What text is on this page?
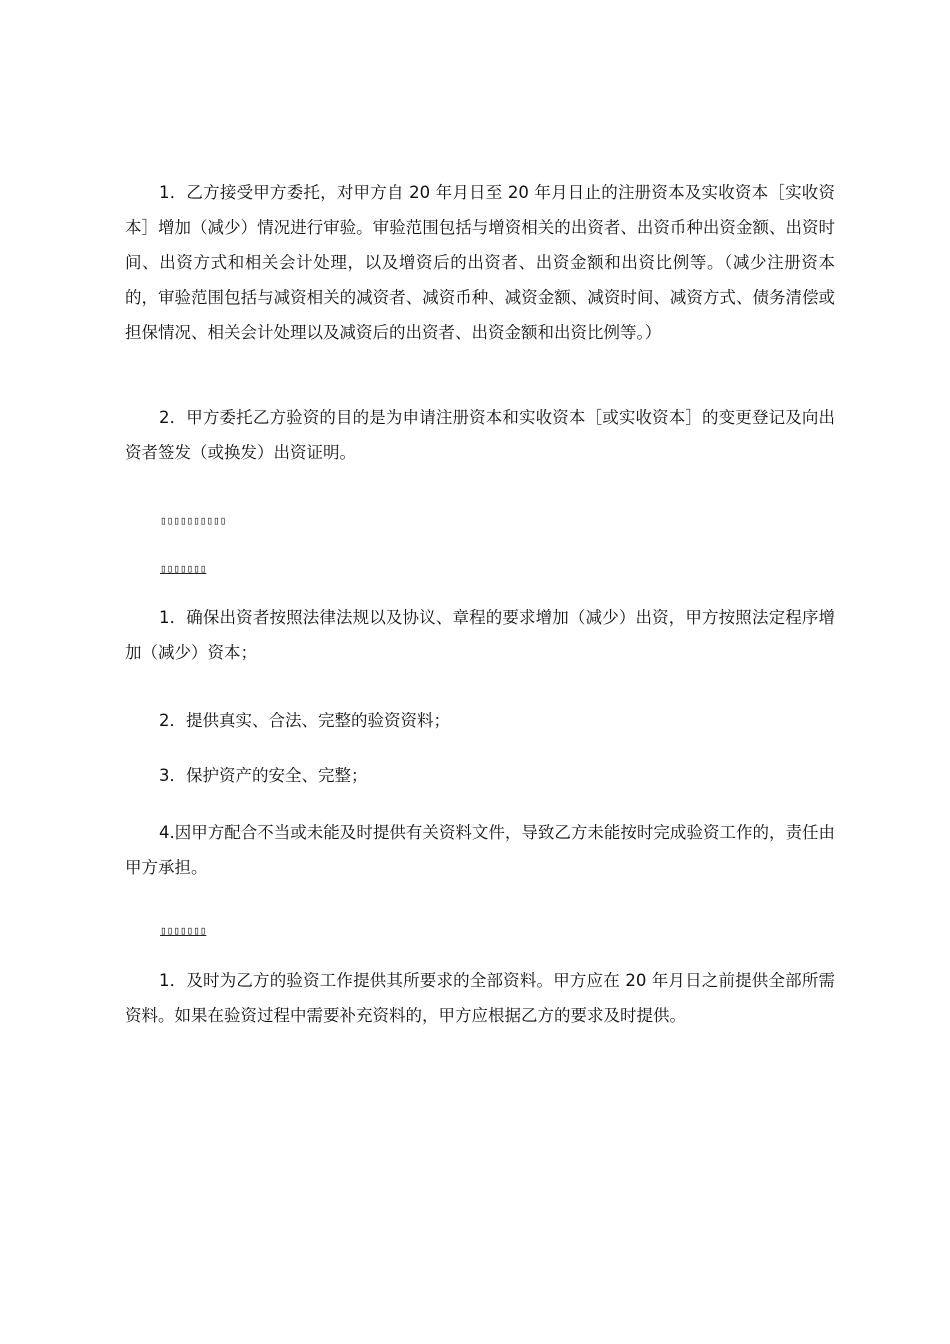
1．乙方接受甲方委托，对甲方自 20 年月日至 20 年月日止的注册资本及实收资本［实收资本］增加（减少）情况进行审验。审验范围包括与增资相关的出资者、出资币种出资金额、出资时间、出资方式和相关会计处理，以及增资后的出资者、出资金额和出资比例等。（减少注册资本的，审验范围包括与减资相关的减资者、减资币种、减资金额、减资时间、减资方式、债务清偿或担保情况、相关会计处理以及减资后的出资者、出资金额和出资比例等。）

2．甲方委托乙方验资的目的是为申请注册资本和实收资本［或实收资本］的变更登记及向出资者签发（或换发）出资证明。

▯▯▯▯▯▯▯▯▯▯
▯▯▯▯▯▯▯

1．确保出资者按照法律法规以及协议、章程的要求增加（减少）出资，甲方按照法定程序增加（减少）资本；

2．提供真实、合法、完整的验资资料；

3．保护资产的安全、完整；

4.因甲方配合不当或未能及时提供有关资料文件，导致乙方未能按时完成验资工作的，责任由甲方承担。

▯▯▯▯▯▯▯

1．及时为乙方的验资工作提供其所要求的全部资料。甲方应在 20 年月日之前提供全部所需资料。如果在验资过程中需要补充资料的，甲方应根据乙方的要求及时提供。
